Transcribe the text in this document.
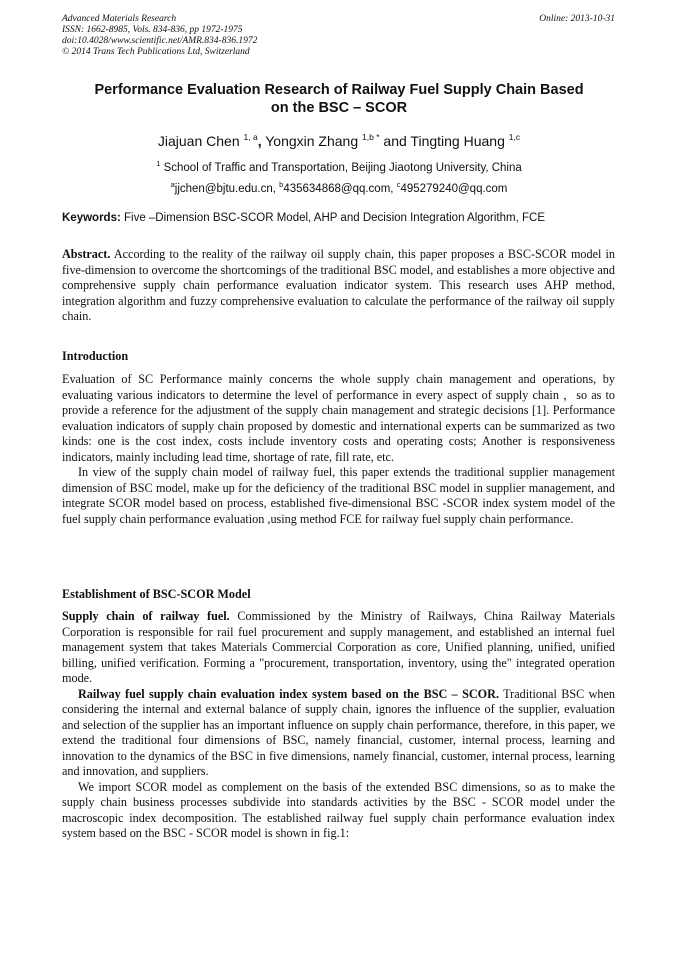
Advanced Materials Research	Online: 2013-10-31
ISSN: 1662-8985, Vols. 834-836, pp 1972-1975
doi:10.4028/www.scientific.net/AMR.834-836.1972
© 2014 Trans Tech Publications Ltd, Switzerland
Performance Evaluation Research of Railway Fuel Supply Chain Based
on the BSC – SCOR
Jiajuan Chen $^{1, a}$, Yongxin Zhang $^{1,b *}$ and Tingting Huang $^{1,c}$
$^1$ School of Traffic and Transportation, Beijing Jiaotong University, China
$^a$jjchen@bjtu.edu.cn, $^b$435634868@qq.com, $^c$495279240@qq.com
Keywords: Five –Dimension BSC-SCOR Model, AHP and Decision Integration Algorithm, FCE

Abstract. According to the reality of the railway oil supply chain, this paper proposes a BSC-SCOR model in five-dimension to overcome the shortcomings of the traditional BSC model, and establishes a more objective and comprehensive supply chain performance evaluation indicator system. This research uses AHP method, integration algorithm and fuzzy comprehensive evaluation to calculate the performance of the railway oil supply chain.

Introduction

Evaluation of SC Performance mainly concerns the whole supply chain management and operations, by evaluating various indicators to determine the level of performance in every aspect of supply chain ，so as to provide a reference for the adjustment of the supply chain management and strategic decisions [1]. Performance evaluation indicators of supply chain proposed by domestic and international experts can be summarized as two kinds: one is the cost index, costs include inventory costs and operating costs; Another is responsiveness indicators, mainly including lead time, shortage of rate, fill rate, etc.

In view of the supply chain model of railway fuel, this paper extends the traditional supplier management dimension of BSC model, make up for the deficiency of the traditional BSC model in supplier management, and integrate SCOR model based on process, established five-dimensional BSC -SCOR index system model of the fuel supply chain performance evaluation ,using method FCE for railway fuel supply chain performance.

Establishment of BSC-SCOR Model

Supply chain of railway fuel. Commissioned by the Ministry of Railways, China Railway Materials Corporation is responsible for rail fuel procurement and supply management, and established an internal fuel management system that takes Materials Commercial Corporation as core, Unified planning, unified, unified billing, unified verification. Forming a "procurement, transportation, inventory, using the" integrated operation mode.

Railway fuel supply chain evaluation index system based on the BSC – SCOR. Traditional BSC when considering the internal and external balance of supply chain, ignores the influence of the supplier, evaluation and selection of the supplier has an important influence on supply chain performance, therefore, in this paper, we extend the traditional four dimensions of BSC, namely financial, customer, internal process, learning and innovation to the dynamics of the BSC in five dimensions, namely financial, customer, internal process, learning and innovation, and suppliers.

We import SCOR model as complement on the basis of the extended BSC dimensions, so as to make the supply chain business processes subdivide into standards activities by the BSC - SCOR model under the macroscopic index decomposition. The established railway fuel supply chain performance evaluation index system based on the BSC - SCOR model is shown in fig.1:
